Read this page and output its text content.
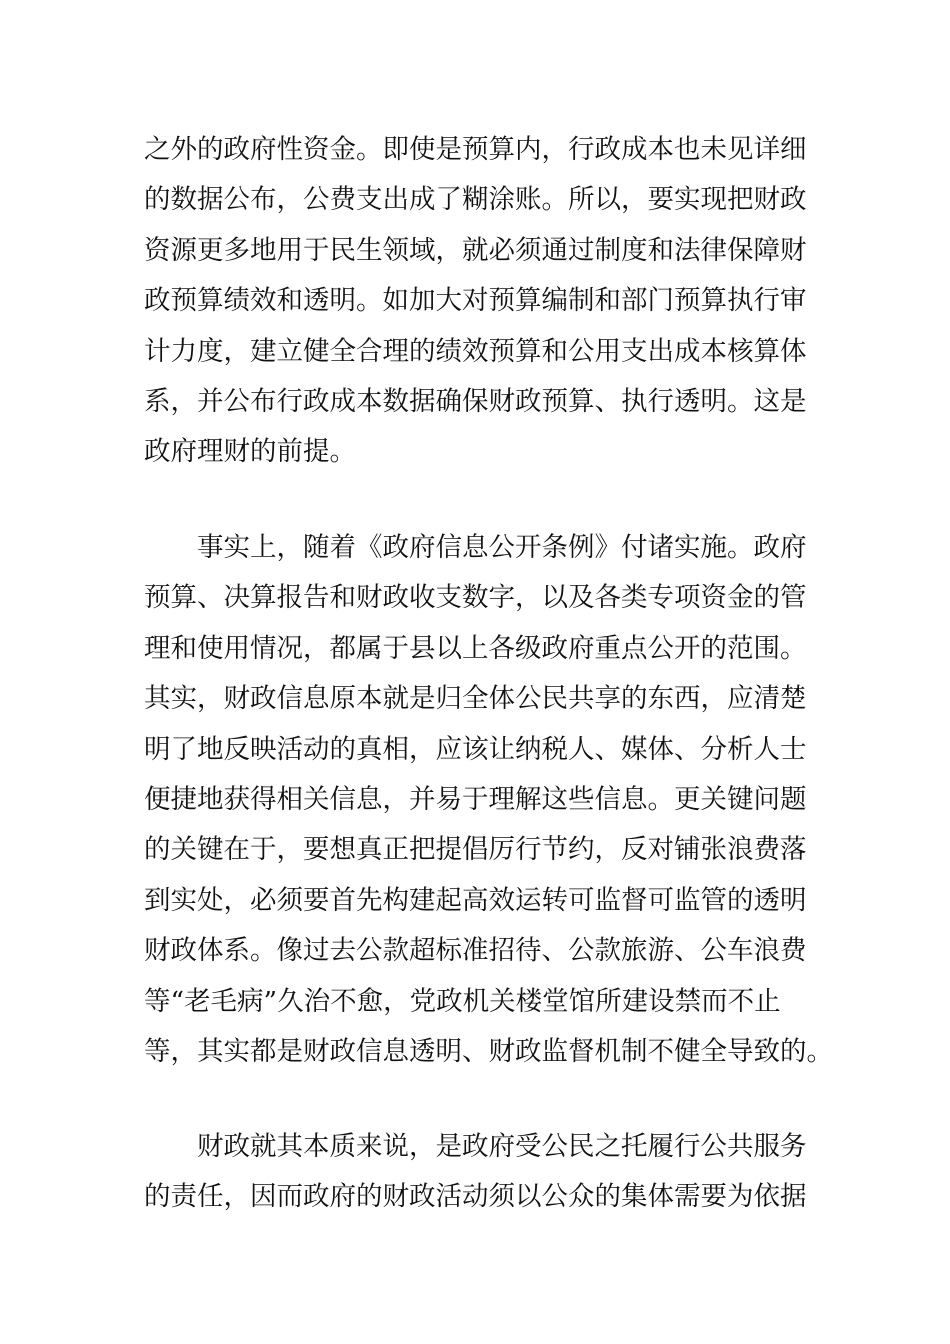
之外的政府性资金。即使是预算内，行政成本也未见详细
的数据公布，公费支出成了糊涂账。所以，要实现把财政
资源更多地用于民生领域，就必须通过制度和法律保障财
政预算绩效和透明。如加大对预算编制和部门预算执行审
计力度，建立健全合理的绩效预算和公用支出成本核算体
系，并公布行政成本数据确保财政预算、执行透明。这是
政府理财的前提。
　　事实上，随着《政府信息公开条例》付诸实施。政府
预算、决算报告和财政收支数字，以及各类专项资金的管
理和使用情况，都属于县以上各级政府重点公开的范围。
其实，财政信息原本就是归全体公民共享的东西，应清楚
明了地反映活动的真相，应该让纳税人、媒体、分析人士
便捷地获得相关信息，并易于理解这些信息。更关键问题
的关键在于，要想真正把提倡厉行节约，反对铺张浪费落
到实处，必须要首先构建起高效运转可监督可监管的透明
财政体系。像过去公款超标准招待、公款旅游、公车浪费
等“老毛病”久治不愈，党政机关楼堂馆所建设禁而不止
等，其实都是财政信息透明、财政监督机制不健全导致的。
　　财政就其本质来说，是政府受公民之托履行公共服务
的责任，因而政府的财政活动须以公众的集体需要为依据
